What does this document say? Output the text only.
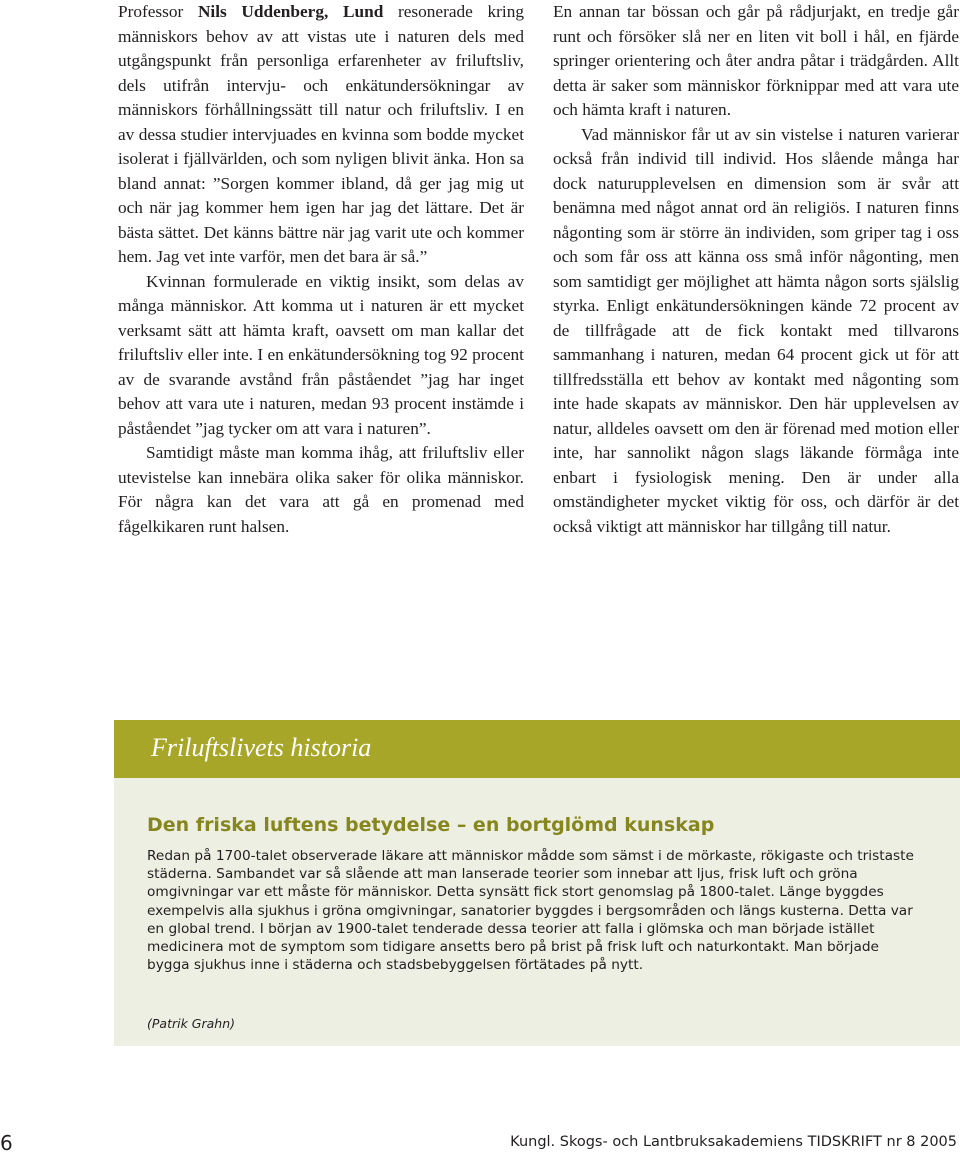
Professor Nils Uddenberg, Lund resonerade kring människors behov av att vistas ute i naturen dels med utgångspunkt från personliga erfarenheter av friluftsliv, dels utifrån intervju- och enkätundersökningar av människors förhållningssätt till natur och friluftsliv. I en av dessa studier intervjuades en kvinna som bodde mycket isolerat i fjällvärlden, och som nyligen blivit änka. Hon sa bland annat: ”Sorgen kommer ibland, då ger jag mig ut och när jag kommer hem igen har jag det lättare. Det är bästa sättet. Det känns bättre när jag varit ute och kommer hem. Jag vet inte varför, men det bara är så.”

Kvinnan formulerade en viktig insikt, som delas av många människor. Att komma ut i naturen är ett mycket verksamt sätt att hämta kraft, oavsett om man kallar det friluftsliv eller inte. I en enkätundersökning tog 92 procent av de svarande avstånd från påståendet ”jag har inget behov att vara ute i naturen, medan 93 procent instämde i påståendet ”jag tycker om att vara i naturen”.

Samtidigt måste man komma ihåg, att friluftsliv eller utevistelse kan innebära olika saker för olika människor. För några kan det vara att gå en promenad med fågelkikaren runt halsen.

En annan tar bössan och går på rådjurjakt, en tredje går runt och försöker slå ner en liten vit boll i hål, en fjärde springer orientering och åter andra påtar i trädgården. Allt detta är saker som människor förknippar med att vara ute och hämta kraft i naturen.

Vad människor får ut av sin vistelse i naturen varierar också från individ till individ. Hos slående många har dock naturupplevelsen en dimension som är svår att benämna med något annat ord än religiös. I naturen finns någonting som är större än individen, som griper tag i oss och som får oss att känna oss små inför någonting, men som samtidigt ger möjlighet att hämta någon sorts själslig styrka. Enligt enkätundersökningen kände 72 procent av de tillfrågade att de fick kontakt med tillvarons sammanhang i naturen, medan 64 procent gick ut för att tillfredsställa ett behov av kontakt med någonting som inte hade skapats av människor. Den här upplevelsen av natur, alldeles oavsett om den är förenad med motion eller inte, har sannolikt någon slags läkande förmåga inte enbart i fysiologisk mening. Den är under alla omständigheter mycket viktig för oss, och därför är det också viktigt att människor har tillgång till natur.

Friluftslivets historia
Den friska luftens betydelse – en bortglömd kunskap
Redan på 1700-talet observerade läkare att människor mådde som sämst i de mörkaste, rökigaste och tristaste städerna. Sambandet var så slående att man lanserade teorier som innebar att ljus, frisk luft och gröna omgivningar var ett måste för människor. Detta synsätt fick stort genomslag på 1800-talet. Länge byggdes exempelvis alla sjukhus i gröna omgivningar, sanatorier byggdes i bergsområden och längs kusterna. Detta var en global trend. I början av 1900-talet tenderade dessa teorier att falla i glömska och man började istället medicinera mot de symptom som tidigare ansetts bero på brist på frisk luft och naturkontakt. Man började bygga sjukhus inne i städerna och stadsbebyggelsen förtätades på nytt.
(Patrik Grahn)
6	Kungl. Skogs- och Lantbruksakademiens TIDSKRIFT nr 8 2005
